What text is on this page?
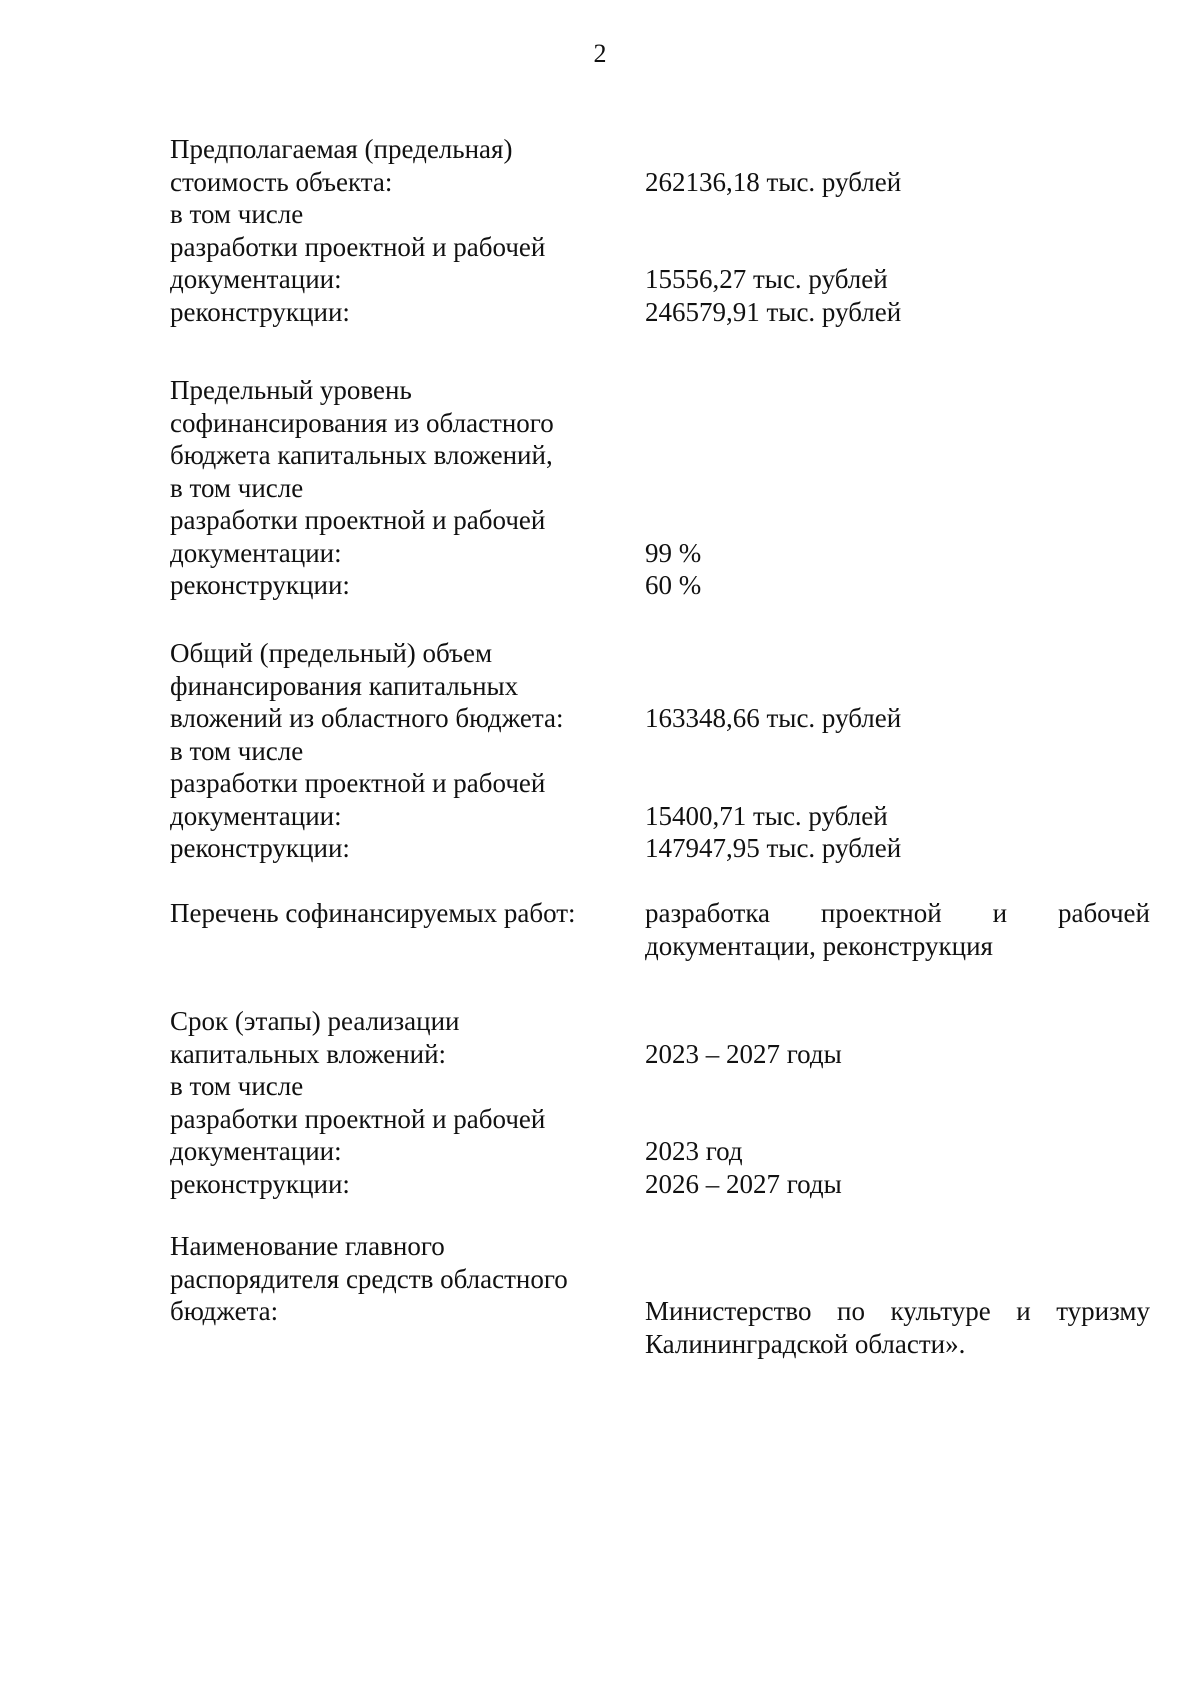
2
Предполагаемая (предельная)
стоимость объекта:	262136,18 тыс. рублей
в том числе
разработки проектной и рабочей
документации:	15556,27 тыс. рублей
реконструкции:	246579,91 тыс. рублей
Предельный уровень
софинансирования из областного
бюджета капитальных вложений,
в том числе
разработки проектной и рабочей
документации:	99 %
реконструкции:	60 %
Общий (предельный) объем
финансирования капитальных
вложений из областного бюджета:	163348,66 тыс. рублей
в том числе
разработки проектной и рабочей
документации:	15400,71 тыс. рублей
реконструкции:	147947,95 тыс. рублей
Перечень софинансируемых работ:	разработка проектной и рабочей документации, реконструкция
Срок (этапы) реализации
капитальных вложений:	2023 – 2027 годы
в том числе
разработки проектной и рабочей
документации:	2023 год
реконструкции:	2026 – 2027 годы
Наименование главного
распорядителя средств областного
бюджета:	Министерство по культуре и туризму Калининградской области».
